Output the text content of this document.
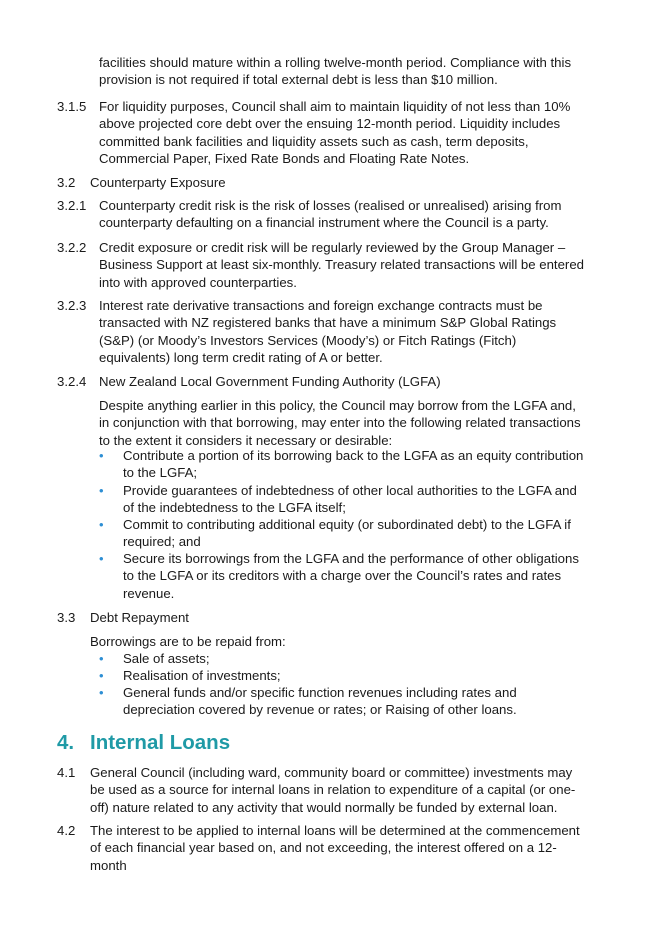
facilities should mature within a rolling twelve-month period. Compliance with this provision is not required if total external debt is less than $10 million.
3.1.5 For liquidity purposes, Council shall aim to maintain liquidity of not less than 10% above projected core debt over the ensuing 12-month period. Liquidity includes committed bank facilities and liquidity assets such as cash, term deposits, Commercial Paper, Fixed Rate Bonds and Floating Rate Notes.
3.2 Counterparty Exposure
3.2.1 Counterparty credit risk is the risk of losses (realised or unrealised) arising from counterparty defaulting on a financial instrument where the Council is a party.
3.2.2 Credit exposure or credit risk will be regularly reviewed by the Group Manager – Business Support at least six-monthly. Treasury related transactions will be entered into with approved counterparties.
3.2.3 Interest rate derivative transactions and foreign exchange contracts must be transacted with NZ registered banks that have a minimum S&P Global Ratings (S&P) (or Moody’s Investors Services (Moody’s) or Fitch Ratings (Fitch) equivalents) long term credit rating of A or better.
3.2.4 New Zealand Local Government Funding Authority (LGFA)
Despite anything earlier in this policy, the Council may borrow from the LGFA and, in conjunction with that borrowing, may enter into the following related transactions to the extent it considers it necessary or desirable:
• Contribute a portion of its borrowing back to the LGFA as an equity contribution to the LGFA;
• Provide guarantees of indebtedness of other local authorities to the LGFA and of the indebtedness to the LGFA itself;
• Commit to contributing additional equity (or subordinated debt) to the LGFA if required; and
• Secure its borrowings from the LGFA and the performance of other obligations to the LGFA or its creditors with a charge over the Council’s rates and rates revenue.
3.3 Debt Repayment
Borrowings are to be repaid from:
• Sale of assets;
• Realisation of investments;
• General funds and/or specific function revenues including rates and depreciation covered by revenue or rates; or Raising of other loans.
4. Internal Loans
4.1 General Council (including ward, community board or committee) investments may be used as a source for internal loans in relation to expenditure of a capital (or one-off) nature related to any activity that would normally be funded by external loan.
4.2 The interest to be applied to internal loans will be determined at the commencement of each financial year based on, and not exceeding, the interest offered on a 12-month
